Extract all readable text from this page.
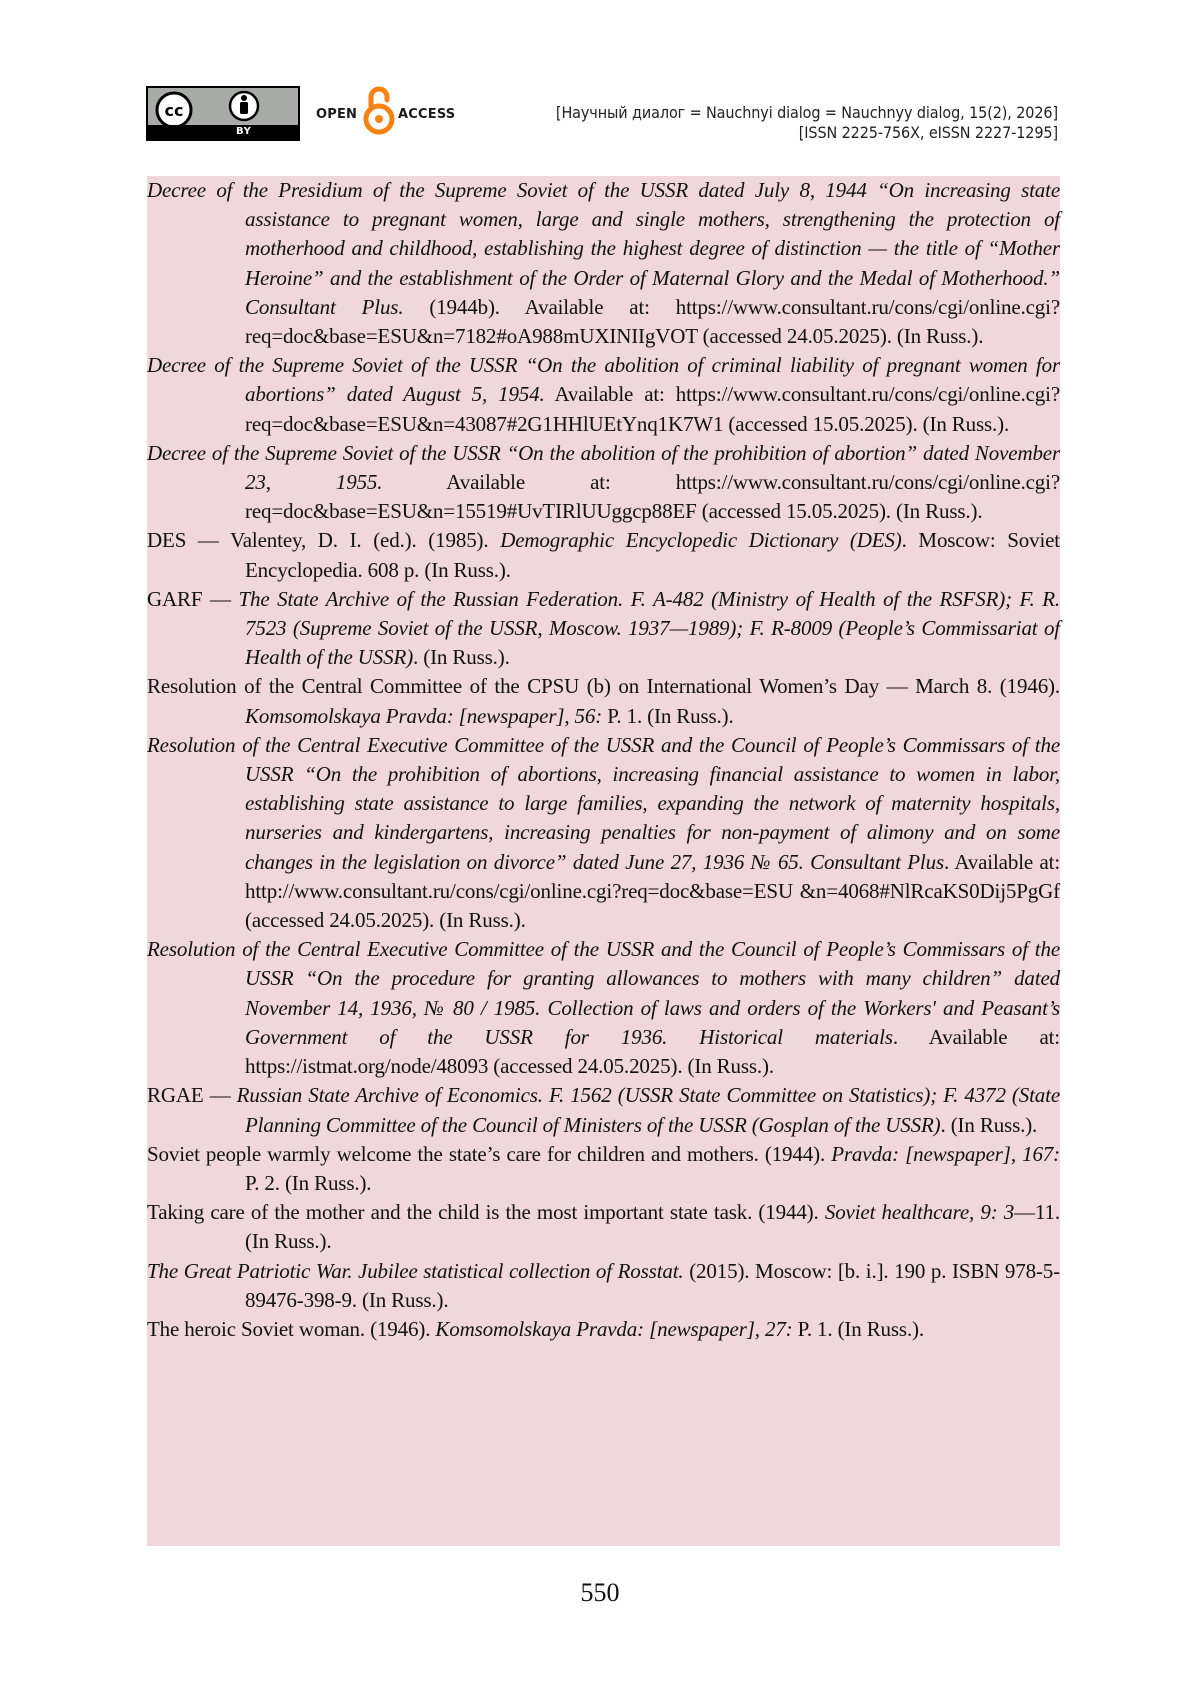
cc
BY
OPEN	ACCESS	[Научный диалог = Nauchnyi dialog = Nauchnyy dialog, 15(2), 2026]
[ISSN 2225-756X, eISSN 2227-1295]

Decree of the Presidium of the Supreme Soviet of the USSR dated July 8, 1944 “On increasing state assistance to pregnant women, large and single mothers, strengthening the protection of motherhood and childhood, establishing the highest degree of distinction — the title of “Mother Heroine” and the establishment of the Order of Maternal Glory and the Medal of Motherhood.” Consultant Plus. (1944b). Available at: https://www.consultant.ru/cons/cgi/online.cgi?req=doc&base=ESU&n=7182#oA988mUXINIIgVOT (accessed 24.05.2025). (In Russ.).

Decree of the Supreme Soviet of the USSR “On the abolition of criminal liability of pregnant women for abortions” dated August 5, 1954. Available at: https://www.consultant.ru/cons/cgi/online.cgi?req=doc&base=ESU&n=43087#2G1HHlUEtYnq1K7W1 (accessed 15.05.2025). (In Russ.).

Decree of the Supreme Soviet of the USSR “On the abolition of the prohibition of abortion” dated November 23, 1955. Available at: https://www.consultant.ru/cons/cgi/online.cgi?req=doc&base=ESU&n=15519#UvTIRlUUggcp88EF (accessed 15.05.2025). (In Russ.).

DES — Valentey, D. I. (ed.). (1985). Demographic Encyclopedic Dictionary (DES). Moscow: Soviet Encyclopedia. 608 p. (In Russ.).

GARF — The State Archive of the Russian Federation. F. A-482 (Ministry of Health of the RSFSR); F. R. 7523 (Supreme Soviet of the USSR, Moscow. 1937—1989); F. R-8009 (People’s Commissariat of Health of the USSR). (In Russ.).

Resolution of the Central Committee of the CPSU (b) on International Women’s Day — March 8. (1946). Komsomolskaya Pravda: [newspaper], 56: P. 1. (In Russ.).

Resolution of the Central Executive Committee of the USSR and the Council of People’s Commissars of the USSR “On the prohibition of abortions, increasing financial assistance to women in labor, establishing state assistance to large families, expanding the network of maternity hospitals, nurseries and kindergartens, increasing penalties for non-payment of alimony and on some changes in the legislation on divorce” dated June 27, 1936 № 65. Consultant Plus. Available at: http://www.consultant.ru/cons/cgi/online.cgi?req=doc&base=ESU &n=4068#NlRcaKS0Dij5PgGf (accessed 24.05.2025). (In Russ.).

Resolution of the Central Executive Committee of the USSR and the Council of People’s Commissars of the USSR “On the procedure for granting allowances to mothers with many children” dated November 14, 1936, № 80 / 1985. Collection of laws and orders of the Workers' and Peasant’s Government of the USSR for 1936. Historical materials. Available at: https://istmat.org/node/48093 (accessed 24.05.2025). (In Russ.).

RGAE — Russian State Archive of Economics. F. 1562 (USSR State Committee on Statistics); F. 4372 (State Planning Committee of the Council of Ministers of the USSR (Gosplan of the USSR). (In Russ.).

Soviet people warmly welcome the state’s care for children and mothers. (1944). Pravda: [newspaper], 167: P. 2. (In Russ.).

Taking care of the mother and the child is the most important state task. (1944). Soviet healthcare, 9: 3—11. (In Russ.).

The Great Patriotic War. Jubilee statistical collection of Rosstat. (2015). Moscow: [b. i.]. 190 p. ISBN 978-5-89476-398-9. (In Russ.).

The heroic Soviet woman. (1946). Komsomolskaya Pravda: [newspaper], 27: P. 1. (In Russ.).

550
